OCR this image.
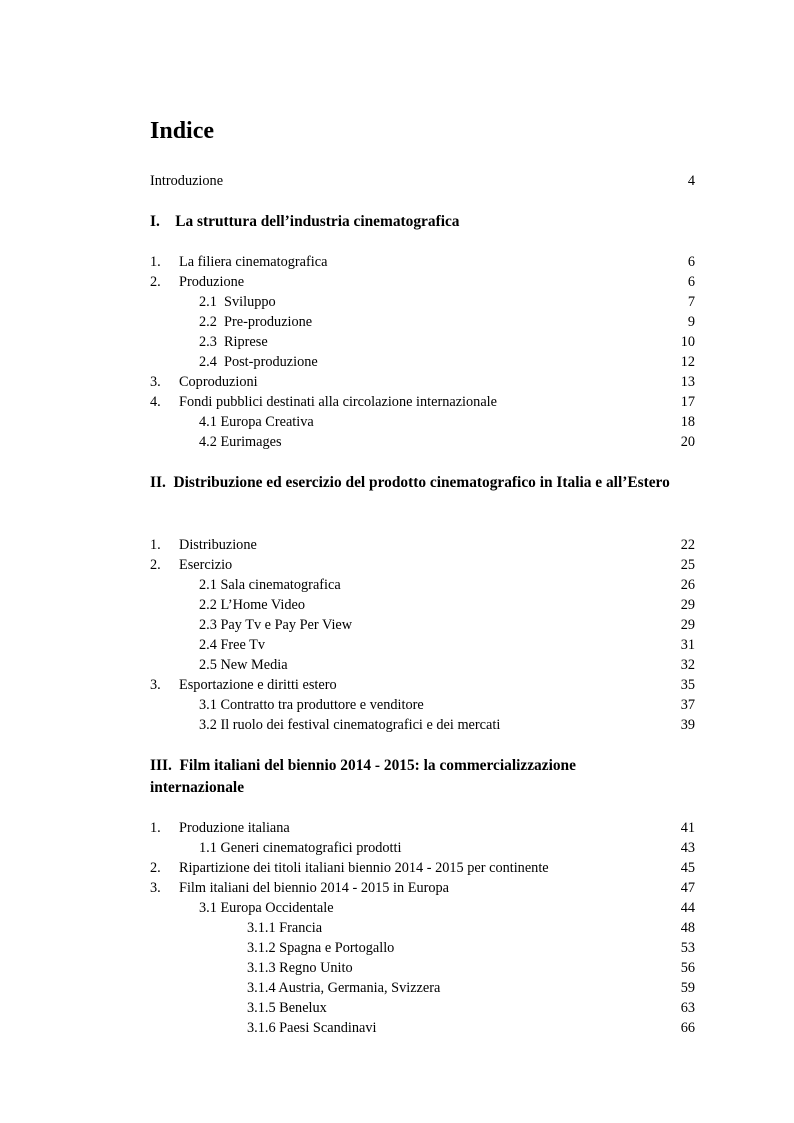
Indice
Introduzione	4
I. La struttura dell’industria cinematografica
1. La filiera cinematografica	6
2. Produzione	6
2.1  Sviluppo	7
2.2  Pre-produzione	9
2.3  Riprese	10
2.4  Post-produzione	12
3. Coproduzioni	13
4. Fondi pubblici destinati alla circolazione internazionale	17
4.1 Europa Creativa	18
4.2 Eurimages	20
II. Distribuzione ed esercizio del prodotto cinematografico in Italia e all’Estero
1. Distribuzione	22
2. Esercizio	25
2.1 Sala cinematografica	26
2.2 L’Home Video	29
2.3 Pay Tv e Pay Per View	29
2.4 Free Tv	31
2.5 New Media	32
3. Esportazione e diritti estero	35
3.1 Contratto tra produttore e venditore	37
3.2 Il ruolo dei festival cinematografici e dei mercati	39
III. Film italiani del biennio 2014 - 2015: la commercializzazione internazionale
1. Produzione italiana	41
1.1 Generi cinematografici prodotti	43
2. Ripartizione dei titoli italiani biennio 2014 - 2015 per continente	45
3. Film italiani del biennio 2014 - 2015 in Europa	47
3.1 Europa Occidentale	44
3.1.1 Francia	48
3.1.2 Spagna e Portogallo	53
3.1.3 Regno Unito	56
3.1.4 Austria, Germania, Svizzera	59
3.1.5 Benelux	63
3.1.6 Paesi Scandinavi	66
